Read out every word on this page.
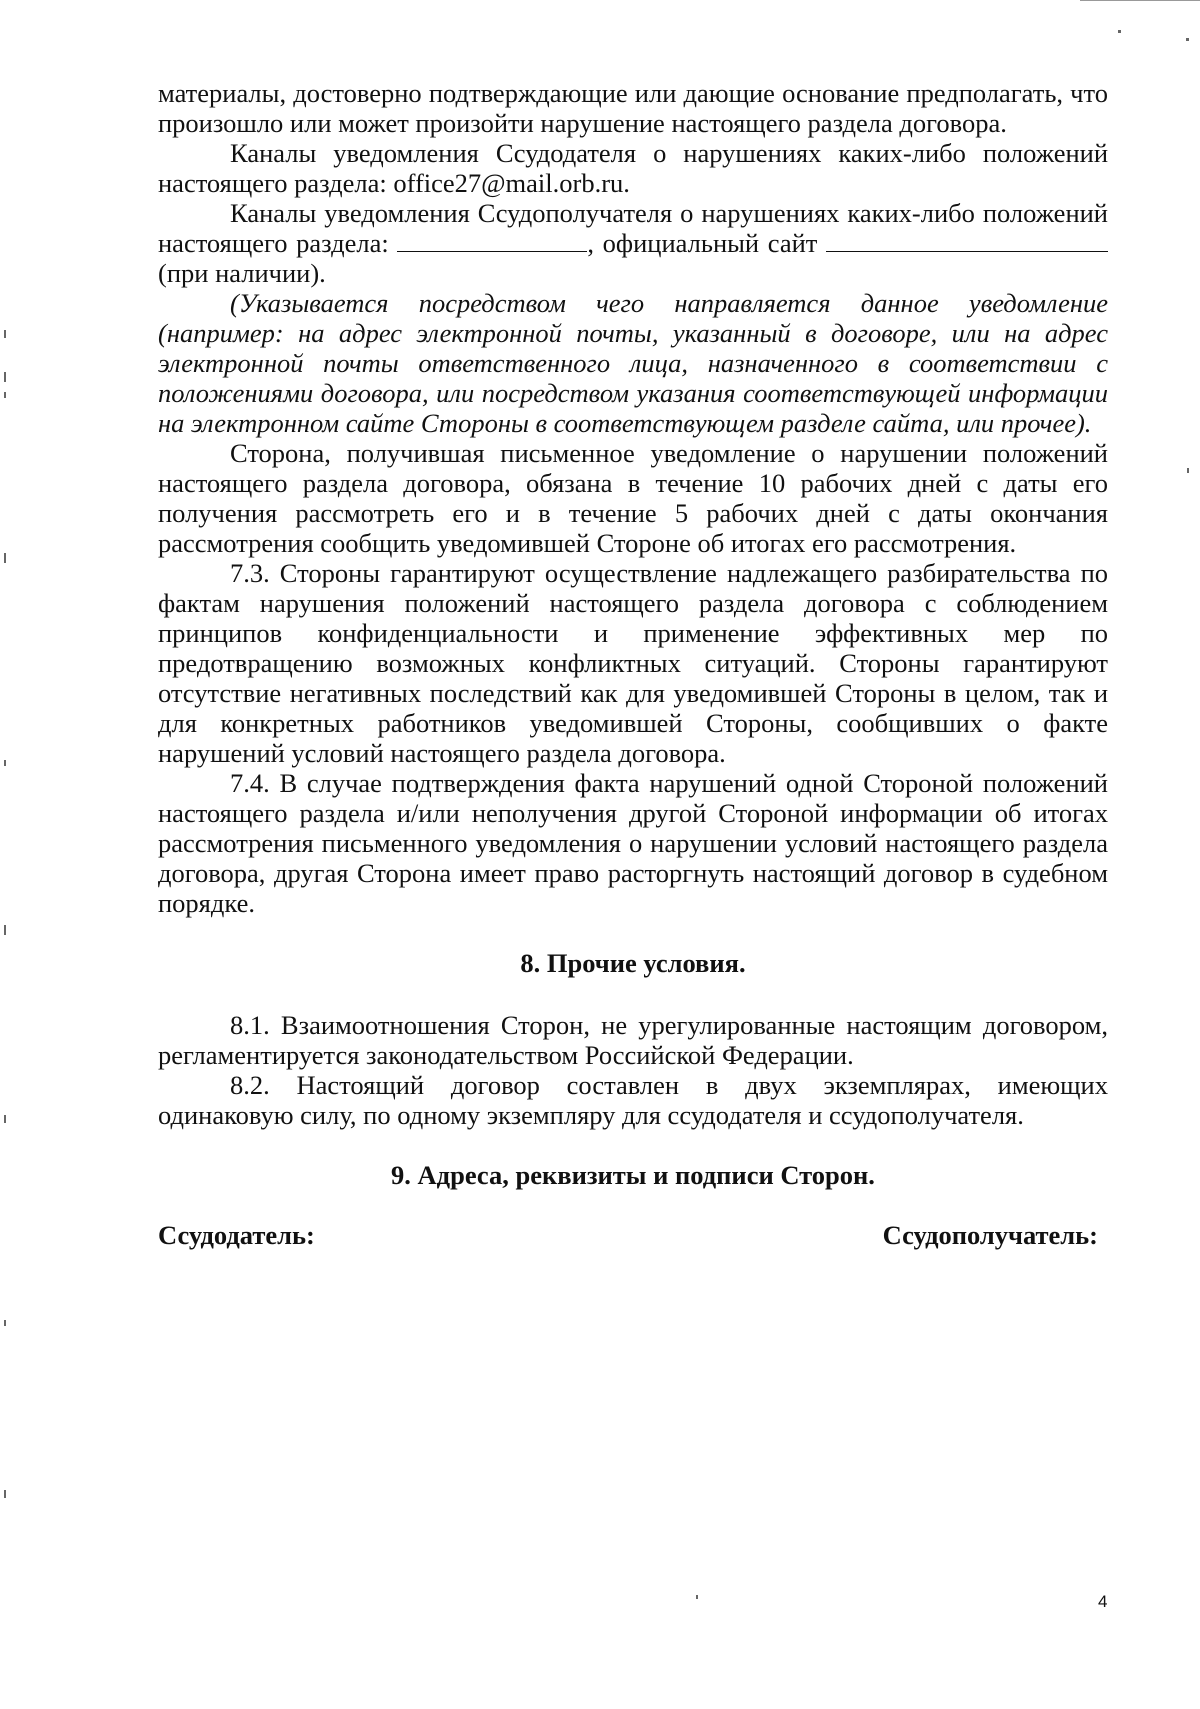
материалы, достоверно подтверждающие или дающие основание предполагать, что произошло или может произойти нарушение настоящего раздела договора.

Каналы уведомления Ссудодателя о нарушениях каких-либо положений настоящего раздела: office27@mail.orb.ru.

Каналы уведомления Ссудополучателя о нарушениях каких-либо положений настоящего раздела:	, официальный сайт  (при наличии).

(Указывается посредством чего направляется данное уведомление (например: на адрес электронной почты, указанный в договоре, или на адрес электронной почты ответственного лица, назначенного в соответствии с положениями договора, или посредством указания соответствующей информации на электронном сайте Стороны в соответствующем разделе сайта, или прочее).

Сторона, получившая письменное уведомление о нарушении положений настоящего раздела договора, обязана в течение 10 рабочих дней с даты его получения рассмотреть его и в течение 5 рабочих дней с даты окончания рассмотрения сообщить уведомившей Стороне об итогах его рассмотрения.

7.3. Стороны гарантируют осуществление надлежащего разбирательства по фактам нарушения положений настоящего раздела договора с соблюдением принципов конфиденциальности и применение эффективных мер по предотвращению возможных конфликтных ситуаций. Стороны гарантируют отсутствие негативных последствий как для уведомившей Стороны в целом, так и для конкретных работников уведомившей Стороны, сообщивших о факте нарушений условий настоящего раздела договора.

7.4. В случае подтверждения факта нарушений одной Стороной положений настоящего раздела и/или неполучения другой Стороной информации об итогах рассмотрения письменного уведомления о нарушении условий настоящего раздела договора, другая Сторона имеет право расторгнуть настоящий договор в судебном порядке.

8. Прочие условия.

8.1. Взаимоотношения Сторон, не урегулированные настоящим договором, регламентируется законодательством Российской Федерации.

8.2. Настоящий договор составлен в двух экземплярах, имеющих одинаковую силу, по одному экземпляру для ссудодателя и ссудополучателя.

9. Адреса, реквизиты и подписи Сторон.
Ссудодатель:	Ссудополучатель:
4
